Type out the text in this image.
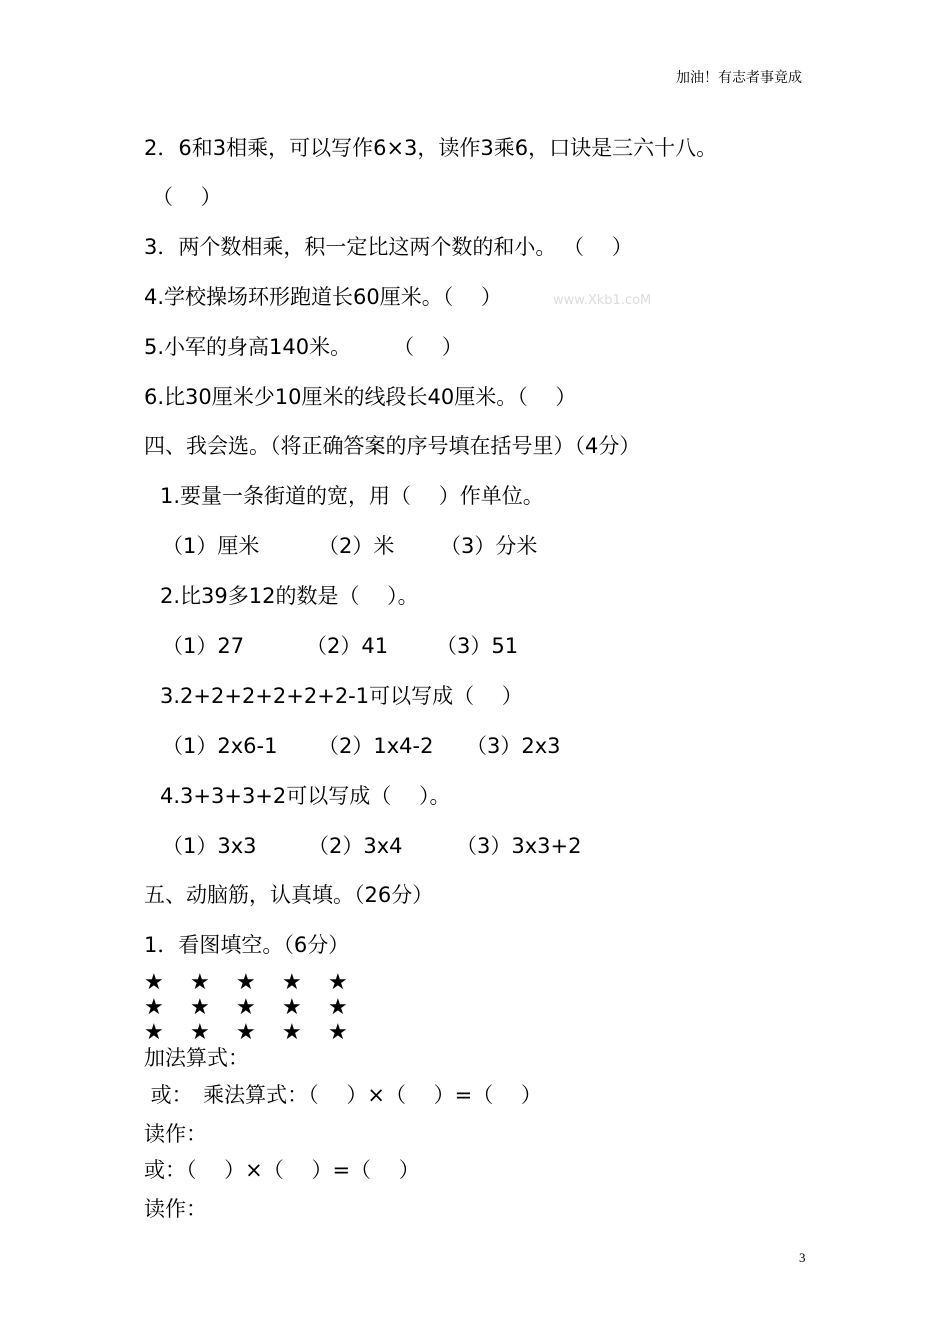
加油！有志者事竟成
www.Xkb1.coM
2．6和3相乘，可以写作6×3，读作3乘6，口诀是三六十八。
（　 ）
3．两个数相乘，积一定比这两个数的和小。 （　 ）
4.学校操场环形跑道长60厘米。（　 ）
5.小军的身高140米。　　　（　 ）
6.比30厘米少10厘米的线段长40厘米。（　 ）
四、我会选。（将正确答案的序号填在括号里）（4分）
1.要量一条街道的宽，用（　 ）作单位。
（1）厘米	（2）米 （3）分米
2.比39多12的数是（　 ）。
（1）27	（2）41 （3）51
3.2+2+2+2+2+2-1可以写成（　 ）
（1）2x6-1 （2）1x4-2 （3）2x3
4.3+3+3+2可以写成（　 ）。
（1）3x3 （2）3x4	（3）3x3+2
五、动脑筋，认真填。（26分）
1．看图填空。（6分）
★ ★ ★ ★ ★
★ ★ ★ ★ ★
★ ★ ★ ★ ★
加法算式：
或：　乘法算式：（　 ）×（　 ）=（　 ）
读作：
或：（　 ）×（　 ）=（　 ）
读作：
3
